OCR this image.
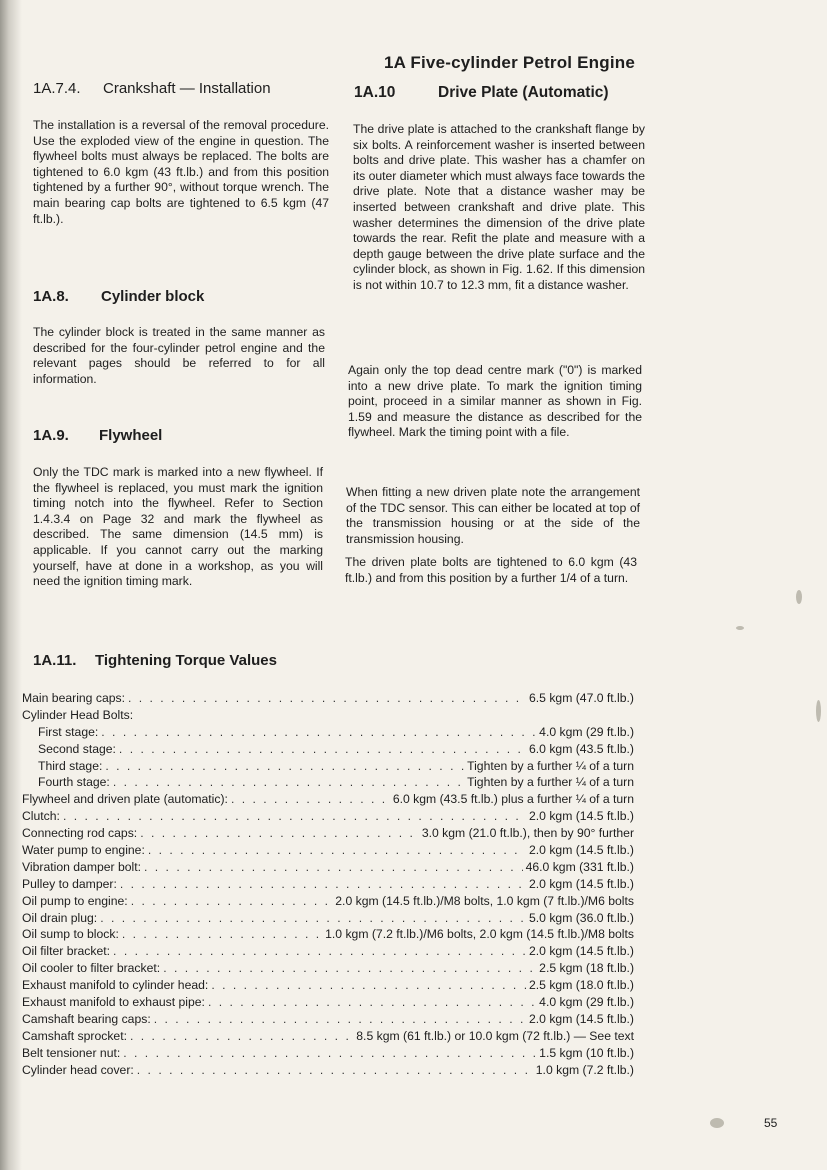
1A Five-cylinder Petrol Engine
1A.7.4. Crankshaft — Installation

The installation is a reversal of the removal procedure. Use the exploded view of the engine in question. The flywheel bolts must always be replaced. The bolts are tightened to 6.0 kgm (43 ft.lb.) and from this position tightened by a further 90°, without torque wrench. The main bearing cap bolts are tightened to 6.5 kgm (47 ft.lb.).

1A.8. Cylinder block

The cylinder block is treated in the same manner as described for the four-cylinder petrol engine and the relevant pages should be referred to for all information.

1A.9. Flywheel

Only the TDC mark is marked into a new flywheel. If the flywheel is replaced, you must mark the ignition timing notch into the flywheel. Refer to Section 1.4.3.4 on Page 32 and mark the flywheel as described. The same dimension (14.5 mm) is applicable. If you cannot carry out the marking yourself, have at done in a workshop, as you will need the ignition timing mark.

1A.10	Drive Plate (Automatic)

The drive plate is attached to the crankshaft flange by six bolts. A reinforcement washer is inserted between bolts and drive plate. This washer has a chamfer on its outer diameter which must always face towards the drive plate. Note that a distance washer may be inserted between crankshaft and drive plate. This washer determines the dimension of the drive plate towards the rear. Refit the plate and measure with a depth gauge between the drive plate surface and the cylinder block, as shown in Fig. 1.62. If this dimension is not within 10.7 to 12.3 mm, fit a distance washer.

Again only the top dead centre mark ("0") is marked into a new drive plate. To mark the ignition timing point, proceed in a similar manner as shown in Fig. 1.59 and measure the distance as described for the flywheel. Mark the timing point with a file.

When fitting a new driven plate note the arrangement of the TDC sensor. This can either be located at top of the transmission housing or at the side of the transmission housing.

The driven plate bolts are tightened to 6.0 kgm (43 ft.lb.) and from this position by a further 1/4 of a turn.

1A.11. Tightening Torque Values
Main bearing caps: . . .	6.5 kgm (47.0 ft.lb.)
Cylinder Head Bolts:
First stage: . . .	4.0 kgm (29 ft.lb.)
Second stage: . . .	6.0 kgm (43.5 ft.lb.)
Third stage: . . .	Tighten by a further ¼ of a turn
Fourth stage: . . .	Tighten by a further ¼ of a turn
Flywheel and driven plate (automatic): . . .	6.0 kgm (43.5 ft.lb.) plus a further ¼ of a turn
Clutch: . . .	2.0 kgm (14.5 ft.lb.)
Connecting rod caps: . . .	3.0 kgm (21.0 ft.lb.), then by 90° further
Water pump to engine: . . .	2.0 kgm (14.5 ft.lb.)
Vibration damper bolt: . . .	46.0 kgm (331 ft.lb.)
Pulley to damper: . . .	2.0 kgm (14.5 ft.lb.)
Oil pump to engine: . . .	2.0 kgm (14.5 ft.lb.)/M8 bolts, 1.0 kgm (7 ft.lb.)/M6 bolts
Oil drain plug: . . .	5.0 kgm (36.0 ft.lb.)
Oil sump to block: . . .	1.0 kgm (7.2 ft.lb.)/M6 bolts, 2.0 kgm (14.5 ft.lb.)/M8 bolts
Oil filter bracket: . . .	2.0 kgm (14.5 ft.lb.)
Oil cooler to filter bracket: . . .	2.5 kgm (18 ft.lb.)
Exhaust manifold to cylinder head: . . .	2.5 kgm (18.0 ft.lb.)
Exhaust manifold to exhaust pipe: . . .	4.0 kgm (29 ft.lb.)
Camshaft bearing caps: . . .	2.0 kgm (14.5 ft.lb.)
Camshaft sprocket: . . .	8.5 kgm (61 ft.lb.) or 10.0 kgm (72 ft.lb.) — See text
Belt tensioner nut: . . .	1.5 kgm (10 ft.lb.)
Cylinder head cover: . . .	1.0 kgm (7.2 ft.lb.)
55
